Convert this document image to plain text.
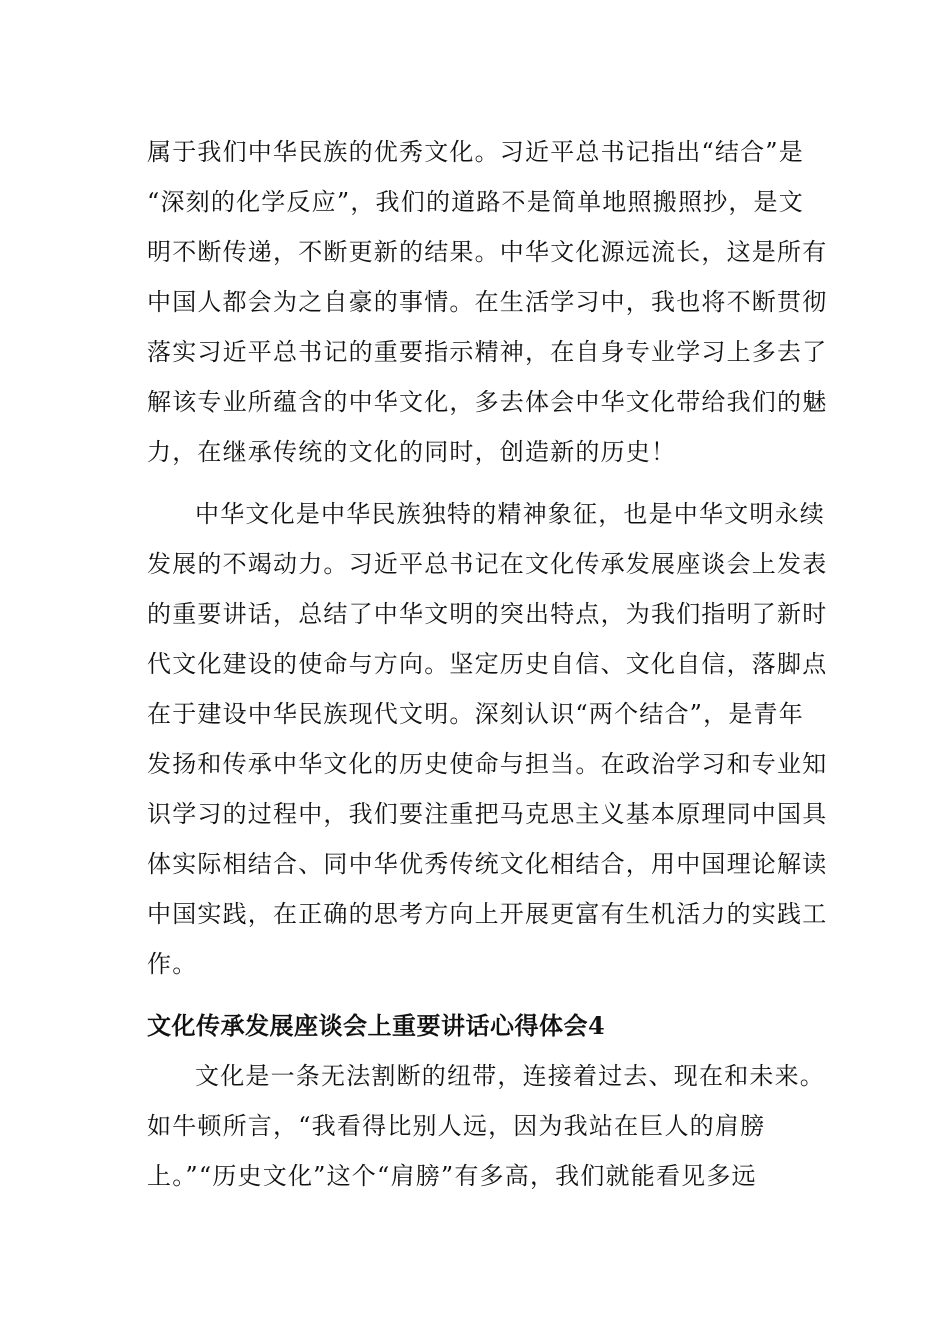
属于我们中华民族的优秀文化。习近平总书记指出“结合”是
“深刻的化学反应”，我们的道路不是简单地照搬照抄，是文
明不断传递，不断更新的结果。中华文化源远流长，这是所有
中国人都会为之自豪的事情。在生活学习中，我也将不断贯彻
落实习近平总书记的重要指示精神，在自身专业学习上多去了
解该专业所蕴含的中华文化，多去体会中华文化带给我们的魅
力，在继承传统的文化的同时，创造新的历史！
中华文化是中华民族独特的精神象征，也是中华文明永续
发展的不竭动力。习近平总书记在文化传承发展座谈会上发表
的重要讲话，总结了中华文明的突出特点，为我们指明了新时
代文化建设的使命与方向。坚定历史自信、文化自信，落脚点
在于建设中华民族现代文明。深刻认识“两个结合”，是青年
发扬和传承中华文化的历史使命与担当。在政治学习和专业知
识学习的过程中，我们要注重把马克思主义基本原理同中国具
体实际相结合、同中华优秀传统文化相结合，用中国理论解读
中国实践，在正确的思考方向上开展更富有生机活力的实践工
作。
文化传承发展座谈会上重要讲话心得体会4
文化是一条无法割断的纽带，连接着过去、现在和未来。
如牛顿所言，“我看得比别人远，因为我站在巨人的肩膀
上。”“历史文化”这个“肩膀”有多高，我们就能看见多远
